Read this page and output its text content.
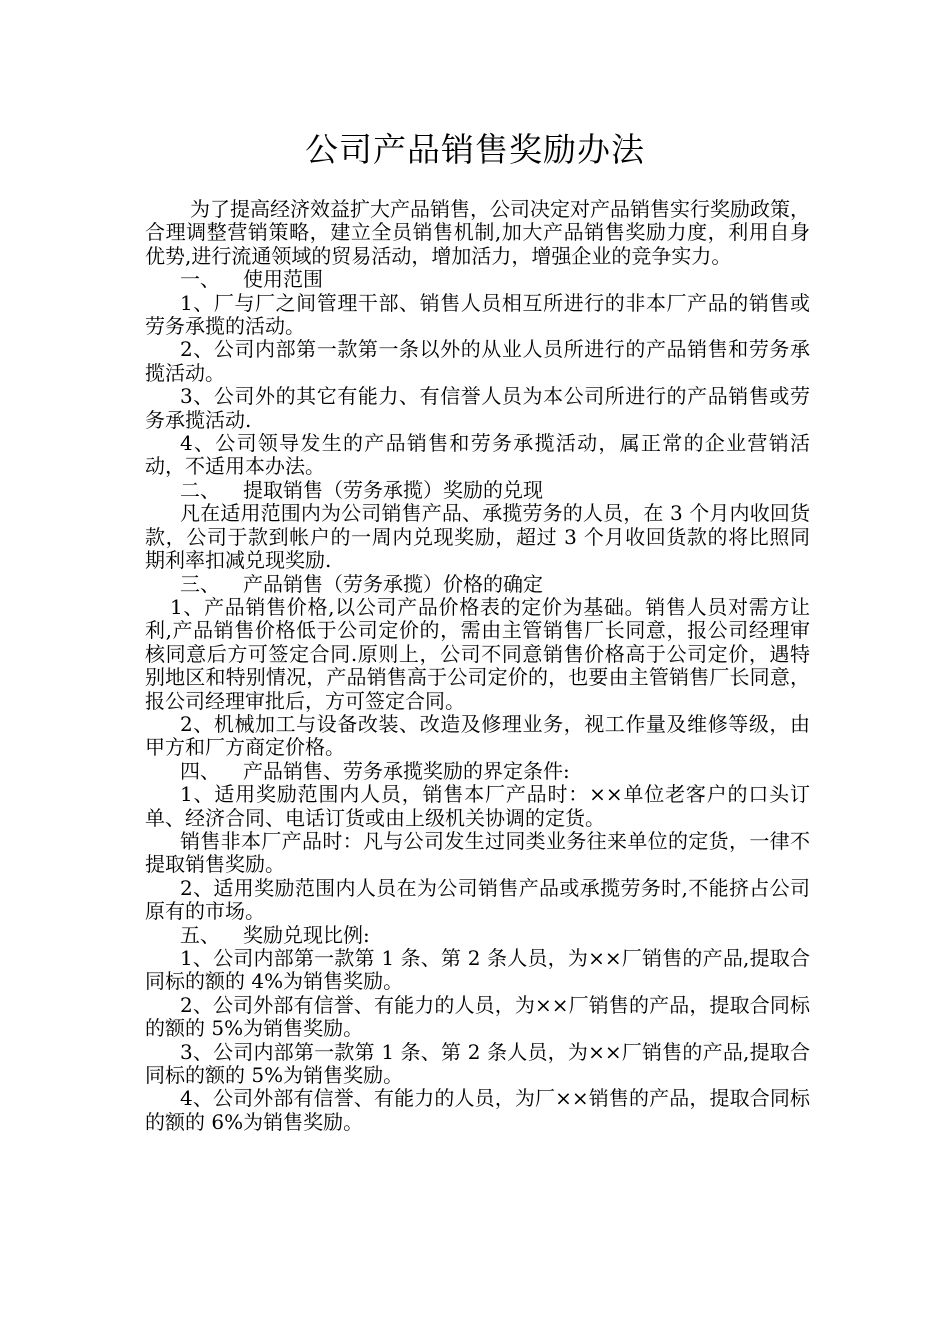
公司产品销售奖励办法

为了提高经济效益扩大产品销售，公司决定对产品销售实行奖励政策，合理调整营销策略，建立全员销售机制,加大产品销售奖励力度，利用自身优势,进行流通领域的贸易活动，增加活力，增强企业的竞争实力。

一、 使用范围

1、厂与厂之间管理干部、销售人员相互所进行的非本厂产品的销售或劳务承揽的活动。

2、公司内部第一款第一条以外的从业人员所进行的产品销售和劳务承揽活动。

3、公司外的其它有能力、有信誉人员为本公司所进行的产品销售或劳务承揽活动.

4、公司领导发生的产品销售和劳务承揽活动，属正常的企业营销活动，不适用本办法。

二、 提取销售（劳务承揽）奖励的兑现

凡在适用范围内为公司销售产品、承揽劳务的人员，在 3 个月内收回货款，公司于款到帐户的一周内兑现奖励，超过 3 个月收回货款的将比照同期利率扣减兑现奖励.

三、 产品销售（劳务承揽）价格的确定

1、产品销售价格,以公司产品价格表的定价为基础。销售人员对需方让利,产品销售价格低于公司定价的，需由主管销售厂长同意，报公司经理审核同意后方可签定合同.原则上，公司不同意销售价格高于公司定价，遇特别地区和特别情况，产品销售高于公司定价的，也要由主管销售厂长同意，报公司经理审批后，方可签定合同。

2、机械加工与设备改装、改造及修理业务，视工作量及维修等级，由甲方和厂方商定价格。

四、 产品销售、劳务承揽奖励的界定条件:

1、适用奖励范围内人员，销售本厂产品时：××单位老客户的口头订单、经济合同、电话订货或由上级机关协调的定货。

销售非本厂产品时：凡与公司发生过同类业务往来单位的定货，一律不提取销售奖励。

2、适用奖励范围内人员在为公司销售产品或承揽劳务时,不能挤占公司原有的市场。

五、 奖励兑现比例:

1、公司内部第一款第 1 条、第 2 条人员，为××厂销售的产品,提取合同标的额的 4%为销售奖励。

2、公司外部有信誉、有能力的人员，为××厂销售的产品，提取合同标的额的 5%为销售奖励。

3、公司内部第一款第 1 条、第 2 条人员，为××厂销售的产品,提取合同标的额的 5%为销售奖励。

4、公司外部有信誉、有能力的人员，为厂××销售的产品，提取合同标的额的 6%为销售奖励。
